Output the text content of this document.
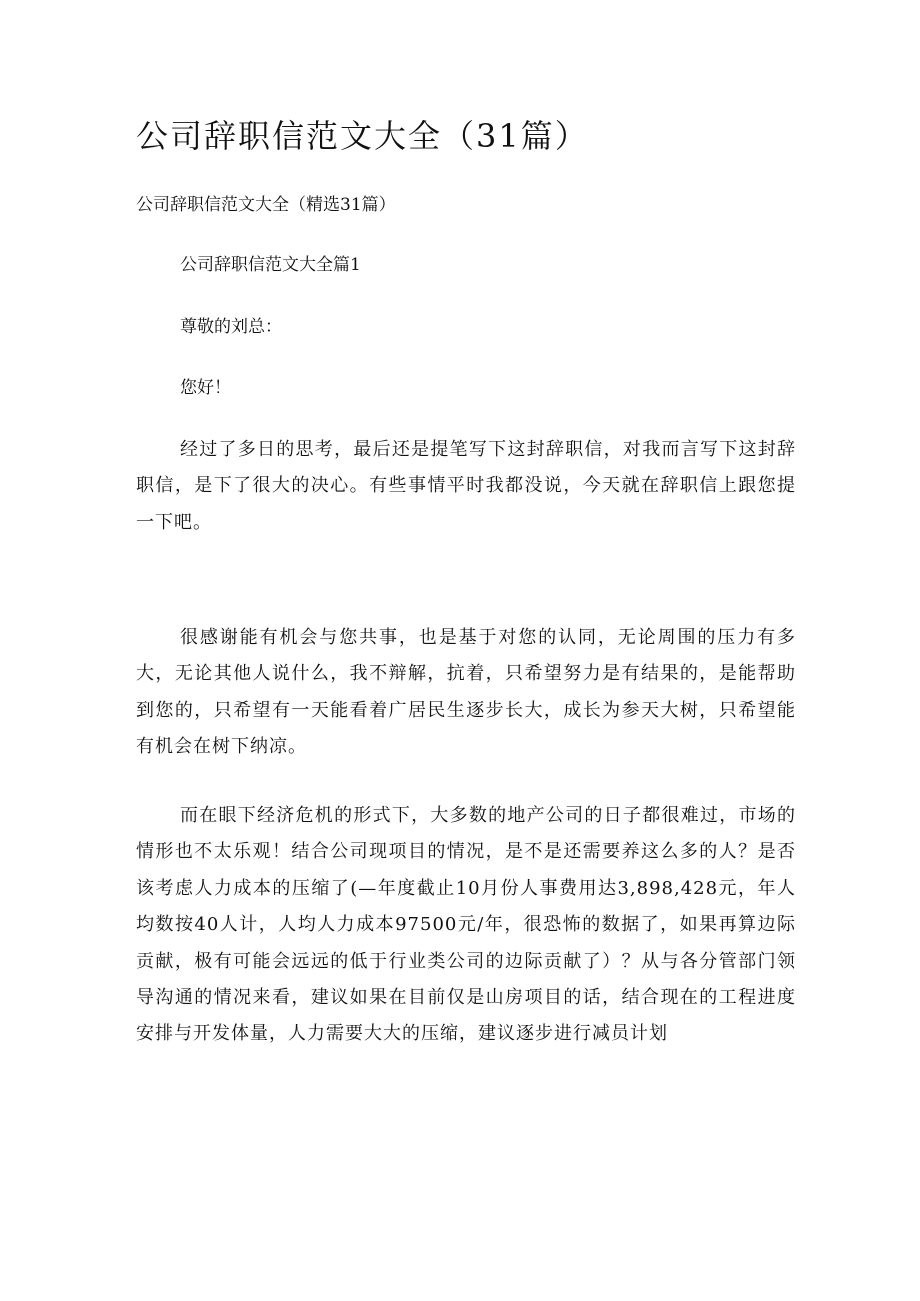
公司辞职信范文大全（31篇）

公司辞职信范文大全（精选31篇）

公司辞职信范文大全篇1

尊敬的刘总：

您好！

经过了多日的思考，最后还是提笔写下这封辞职信，对我而言写下这封辞职信，是下了很大的决心。有些事情平时我都没说，今天就在辞职信上跟您提一下吧。

很感谢能有机会与您共事，也是基于对您的认同，无论周围的压力有多大，无论其他人说什么，我不辩解，抗着，只希望努力是有结果的，是能帮助到您的，只希望有一天能看着广居民生逐步长大，成长为参天大树，只希望能有机会在树下纳凉。

而在眼下经济危机的形式下，大多数的地产公司的日子都很难过，市场的情形也不太乐观！结合公司现项目的情况，是不是还需要养这么多的人？是否该考虑人力成本的压缩了(—年度截止10月份人事费用达3,898,428元，年人均数按40人计，人均人力成本97500元/年，很恐怖的数据了，如果再算边际贡献，极有可能会远远的低于行业类公司的边际贡献了）？从与各分管部门领导沟通的情况来看，建议如果在目前仅是山房项目的话，结合现在的工程进度安排与开发体量，人力需要大大的压缩，建议逐步进行减员计划
